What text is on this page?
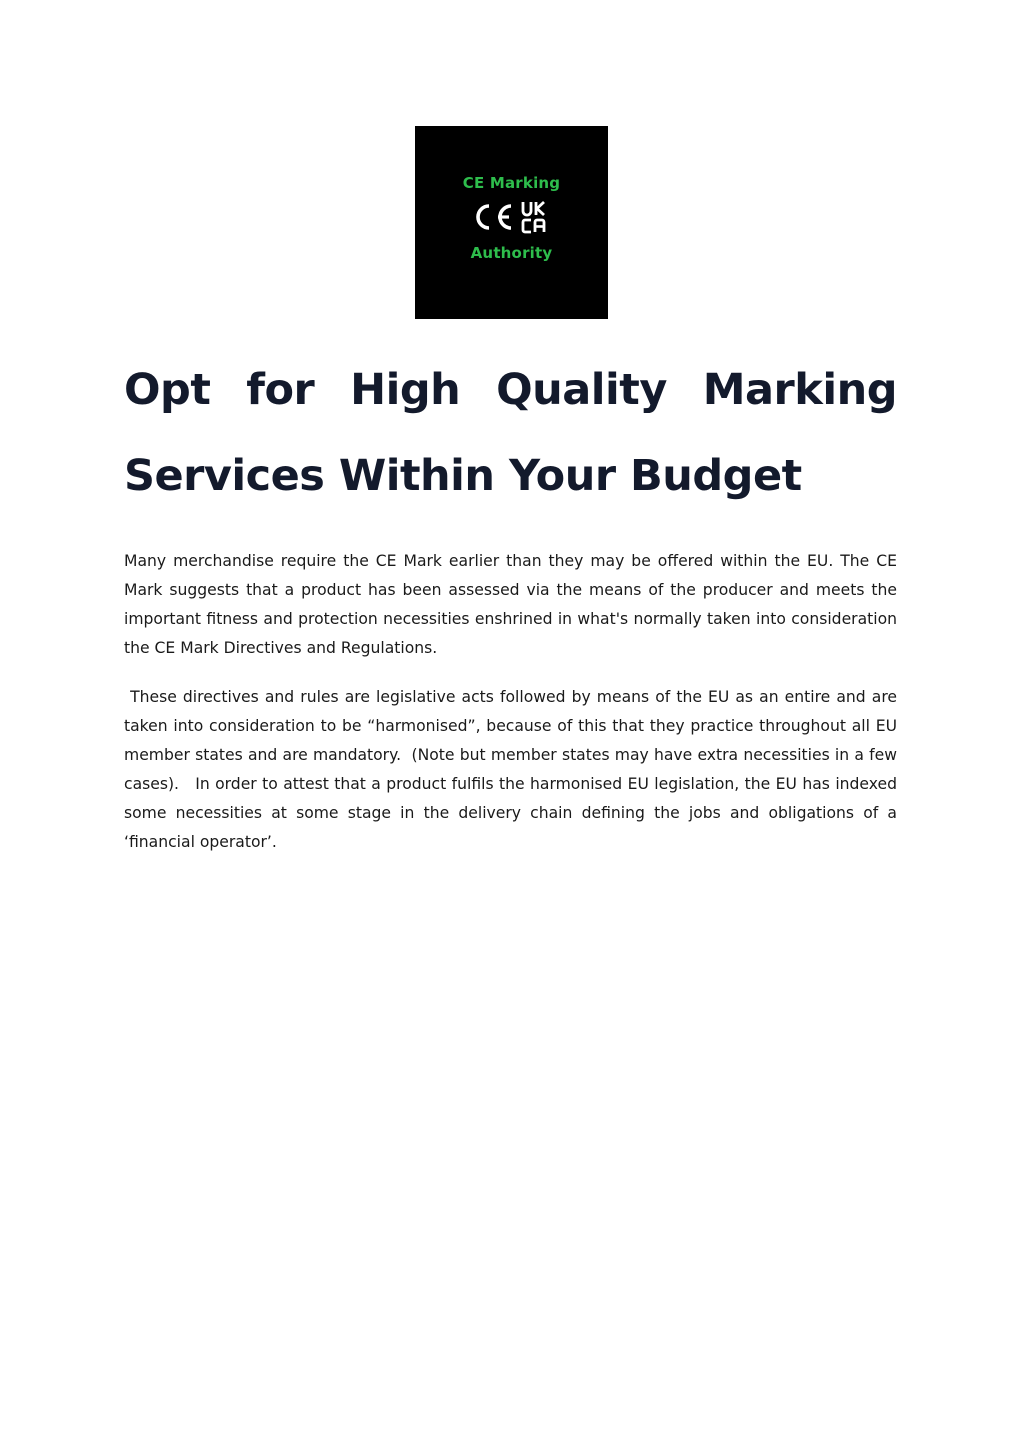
CE Marking
Authority
Opt for High Quality Marking Services Within Your Budget

Many merchandise require the CE Mark earlier than they may be offered within the EU. The CE Mark suggests that a product has been assessed via the means of the producer and meets the important fitness and protection necessities enshrined in what's normally taken into consideration the CE Mark Directives and Regulations.

These directives and rules are legislative acts followed by means of the EU as an entire and are taken into consideration to be “harmonised”, because of this that they practice throughout all EU member states and are mandatory.  (Note but member states may have extra necessities in a few cases).   In order to attest that a product fulfils the harmonised EU legislation, the EU has indexed some necessities at some stage in the delivery chain defining the jobs and obligations of a ‘financial operator’.
